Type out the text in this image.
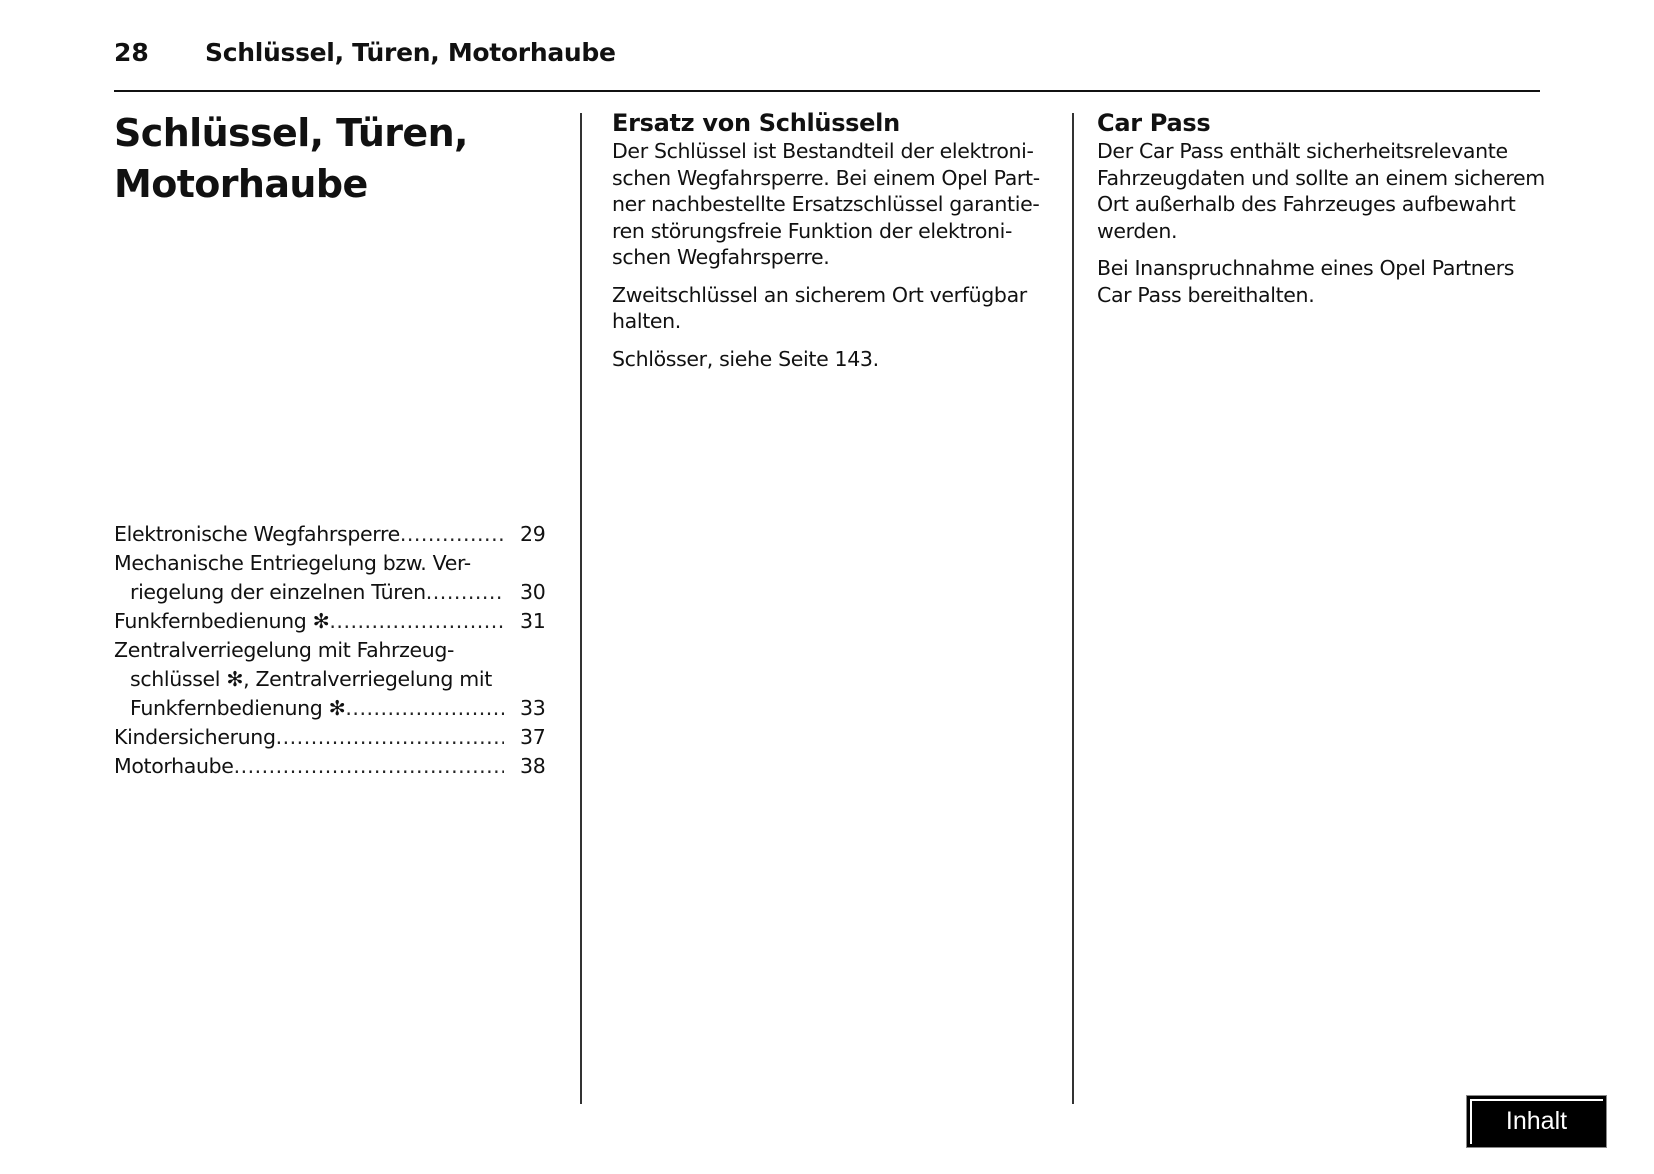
28 Schlüssel, Türen, Motorhaube
Schlüssel, Türen,
Motorhaube
Elektronische Wegfahrsperre .....	29
Mechanische Entriegelung bzw. Ver-
riegelung der einzelnen Türen .....	30
Funkfernbedienung ✻ .....	31
Zentralverriegelung mit Fahrzeug-
schlüssel ✻, Zentralverriegelung mit
Funkfernbedienung ✻ .....	33
Kindersicherung .....	37
Motorhaube .....	38
Ersatz von Schlüsseln

Der Schlüssel ist Bestandteil der elektronischen Wegfahrsperre. Bei einem Opel Partner nachbestellte Ersatzschlüssel garantieren störungsfreie Funktion der elektronischen Wegfahrsperre.

Zweitschlüssel an sicherem Ort verfügbar halten.

Schlösser, siehe Seite 143.

Car Pass

Der Car Pass enthält sicherheitsrelevante Fahrzeugdaten und sollte an einem sicherem Ort außerhalb des Fahrzeuges aufbewahrt werden.

Bei Inanspruchnahme eines Opel Partners Car Pass bereithalten.

Inhalt
